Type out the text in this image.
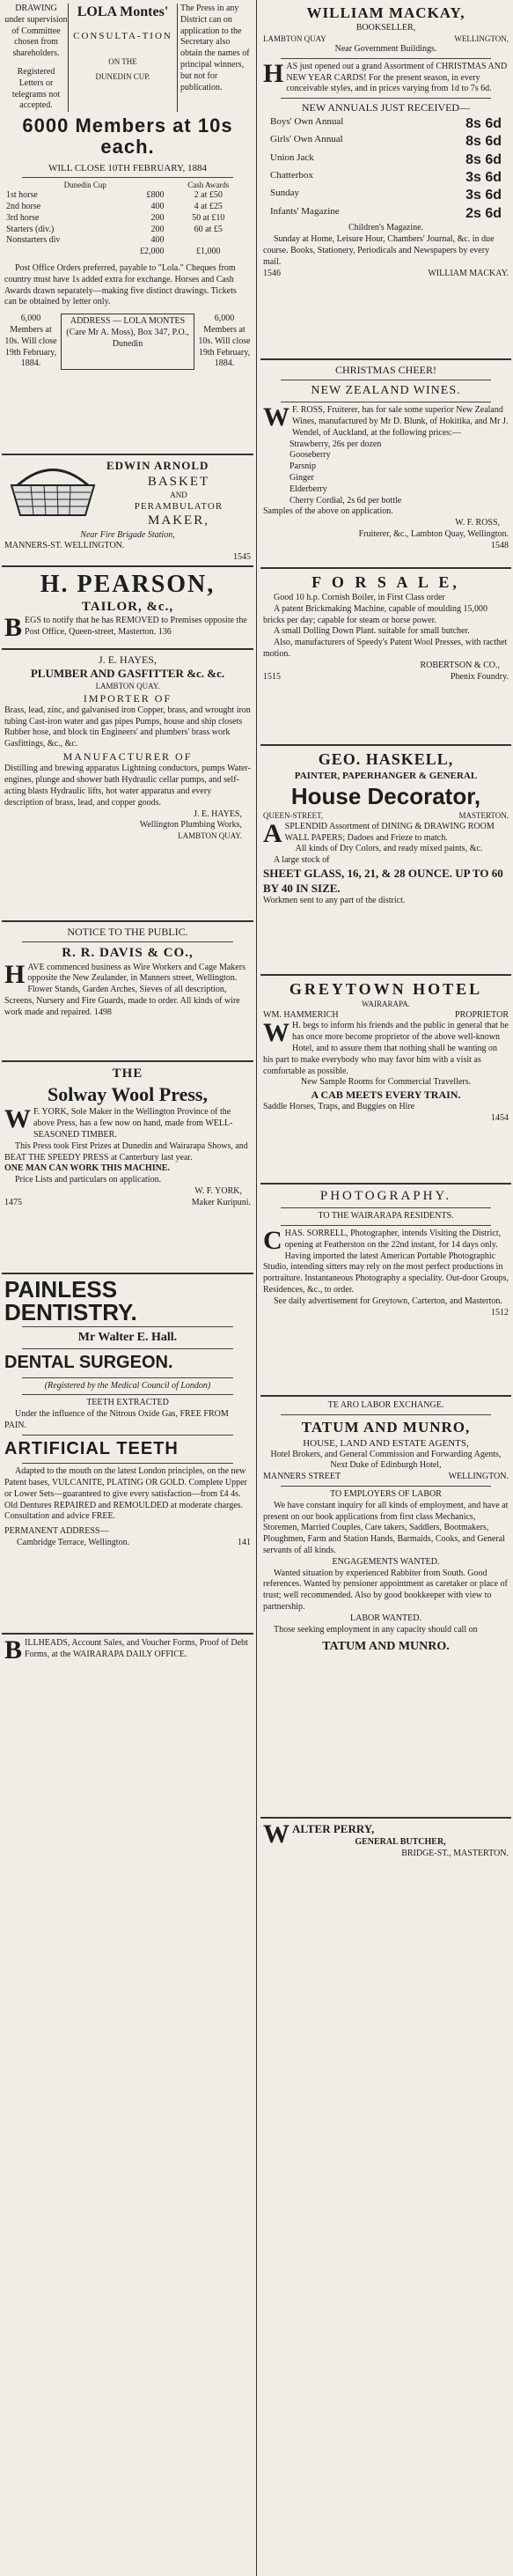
DRAWING under supervision of Committee chosen from shareholders.

Registered Letters or telegrams not accepted.

LOLA Montes'

CONSULTA-TION

ON THE

DUNEDIN CUP.

The Press in any District can on application to the Secretary also obtain the names of principal winners, but not for publication.

6000 Members at 10s each.

WILL CLOSE 10TH FEBRUARY, 1884

Dunedin Cup		Cash Awards
1st horse	£800	2 at £50
2nd horse	400	4 at £25
3rd horse	200	50 at £10
Starters (div.)	200	60 at £5
Nonstarters div	400	
	£2,000	£1,000

Post Office Orders preferred, payable to "Lola." Cheques from country must have 1s added extra for exchange. Horses and Cash Awards drawn separately—making five distinct drawings. Tickets can be obtained by letter only.

6,000 Members at 10s. Will close 19th February, 1884.

ADDRESS — LOLA MONTES (Care Mr A. Moss), Box 347, P.O., Dunedin

6,000 Members at 10s. Will close 19th February, 1884.

EDWIN ARNOLD

BASKET

AND

PERAMBULATOR

MAKER,

Near Fire Brigade Station,

MANNERS-ST. WELLINGTON.

1545

H. PEARSON,

TAILOR, &c.,

BEGS to notify that he has REMOVED to Premises opposite the Post Office, Queen-street, Masterton. 136

J. E. HAYES,

PLUMBER AND GASFITTER &c. &c.

LAMBTON QUAY.

IMPORTER OF

Brass, lead, zinc, and galvanised iron Copper, brass, and wrought iron tubing Cast-iron water and gas pipes Pumps, house and ship closets Rubber hose, and block tin Engineers' and plumbers' brass work Gasfittings, &c., &c.

MANUFACTURER OF

Distilling and brewing apparatus Lightning conductors, pumps Water-engines, plunge and shower bath Hydraulic cellar pumps, and self-acting blasts Hydraulic lifts, hot water apparatus and every description of brass, lead, and copper goods.

J. E. HAYES,

Wellington Plumbing Works,

LAMBTON QUAY.

NOTICE TO THE PUBLIC.

R. R. DAVIS & CO.,

HAVE commenced business as Wire Workers and Cage Makers opposite the New Zealander, in Manners street, Wellington. Flower Stands, Garden Arches, Sieves of all description, Screens, Nursery and Fire Guards, made to order. All kinds of wire work made and repaired. 1498

THE

Solway Wool Press,

W F. YORK, Sole Maker in the Wellington Province of the above Press, has a few now on hand, made from WELL-SEASONED TIMBER.

This Press took First Prizes at Dunedin and Wairarapa Shows, and BEAT THE SPEEDY PRESS at Canterbury last year.

ONE MAN CAN WORK THIS MACHINE.

Price Lists and particulars on application.

W. F. YORK,

1475	Maker Kuripuni.

PAINLESS

DENTISTRY.

Mr Walter E. Hall.

DENTAL SURGEON.

(Registered by the Medical Council of London)

TEETH EXTRACTED

Under the influence of the Nitrous Oxide Gas, FREE FROM PAIN.

ARTIFICIAL TEETH

Adapted to the mouth on the latest London principles, on the new Patent bases, VULCANITE, PLATING OR GOLD. Complete Upper or Lower Sets—guaranteed to give every satisfaction—from £4 4s. Old Dentures REPAIRED and REMOULDED at moderate charges. Consultation and advice FREE.

PERMANENT ADDRESS—

Cambridge Terrace, Wellington.	141

BILLHEADS, Account Sales, and Voucher Forms, Proof of Debt Forms, at the WAIRARAPA DAILY OFFICE.

WILLIAM MACKAY,

BOOKSELLER,

LAMBTON QUAY	WELLINGTON,

Near Government Buildings.

HAS just opened out a grand Assortment of CHRISTMAS AND NEW YEAR CARDS! For the present season, in every conceivable styles, and in prices varying from 1d to 7s 6d.

NEW ANNUALS JUST RECEIVED—

Boys' Own Annual	8s 6d
Girls' Own Annual	8s 6d
Union Jack	8s 6d
Chatterbox	3s 6d
Sunday	3s 6d
Infants' Magazine	2s 6d

Children's Magazine.

Sunday at Home, Leisure Hour, Chambers' Journal, &c. in due course. Books, Stationery, Periodicals and Newspapers by every mail.

1546	WILLIAM MACKAY.

CHRISTMAS CHEER!

NEW ZEALAND WINES.

W F. ROSS, Fruiterer, has for sale some superior New Zealand Wines, manufactured by Mr D. Blunk, of Hokitika, and Mr J. Wendel, of Auckland, at the following prices:—

Strawberry, 26s per dozen

Gooseberry

Parsnip

Ginger

Elderberry

Cherry Cordial, 2s 6d per bottle

Samples of the above on application.

W. F. ROSS,

Fruiterer, &c., Lambton Quay, Wellington.

1548

F O R S A L E,

Good 10 h.p. Cornish Boiler, in First Class order

A patent Brickmaking Machine, capable of moulding 15,000 bricks per day; capable for steam or horse power.

A small Dolling Down Plant. suitable for small butcher.

Also, manufacturers of Speedy's Patent Wool Presses, with racthet motion.

ROBERTSON & CO.,

1515	Phenix Foundry.

GEO. HASKELL,

PAINTER, PAPERHANGER & GENERAL

House Decorator,

QUEEN-STREET,	MASTERTON.

ASPLENDID Assortment of DINING & DRAWING ROOM WALL PAPERS; Dadoes and Frieze to match.

All kinds of Dry Colors, and ready mixed paints, &c.

A large stock of

SHEET GLASS, 16, 21, & 28 OUNCE. UP TO 60 BY 40 IN SIZE.

Workmen sent to any part of the district.

GREYTOWN HOTEL

WAIRARAPA.

WM. HAMMERICH	PROPRIETOR

W H. begs to inform his friends and the public in general that he has once more become proprietor of the above well-known Hotel, and to assure them that nothing shall be wanting on his part to make everybody who may favor him with a visit as comfortable as possible.

New Sample Rooms for Commercial Travellers.

A CAB MEETS EVERY TRAIN.

Saddle Horses, Traps, and Buggies on Hire

1454

PHOTOGRAPHY.

TO THE WAIRARAPA RESIDENTS.

CHAS. SORRELL, Photographer, intends Visiting the District, opening at Featherston on the 22nd instant, for 14 days only. Having imported the latest American Portable Photographic Studio, intending sitters may rely on the most perfect productions in portraiture. Instantaneous Photography a speciality. Out-door Groups, Residences, &c., to order.

See daily advertisement for Greytown, Carterton, and Masterton.

1512

TE ARO LABOR EXCHANGE.

TATUM AND MUNRO,

HOUSE, LAND AND ESTATE AGENTS,

Hotel Brokers, and General Commission and Forwarding Agents,

Next Duke of Edinburgh Hotel,

MANNERS STREET	WELLINGTON.

TO EMPLOYERS OF LABOR

We have constant inquiry for all kinds of employment, and have at present on our book applications from first class Mechanics, Storemen, Married Couples, Care takers, Saddlers, Bootmakers, Ploughmen, Farm and Station Hands, Barmaids, Cooks, and General servants of all kinds.

ENGAGEMENTS WANTED.

Wanted situation by experienced Rabbiter from South. Good references. Wanted by pensioner appointment as caretaker or place of trust; well recommended. Also by good bookkeeper with view to partnership.

LABOR WANTED.

Those seeking employment in any capacity should call on

TATUM AND MUNRO.

WALTER PERRY,

GENERAL BUTCHER,

BRIDGE-ST., MASTERTON.
